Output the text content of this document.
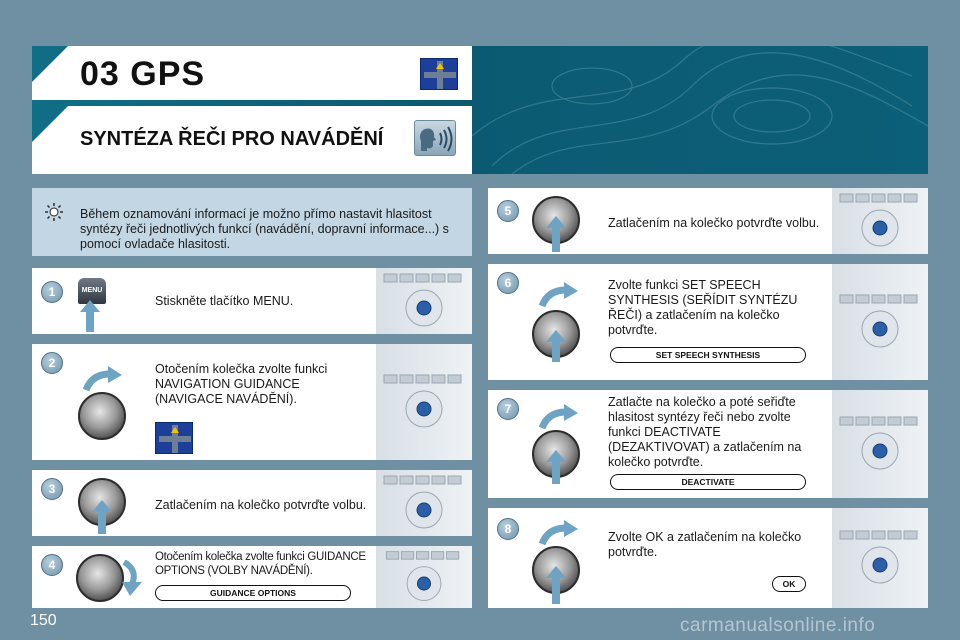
03 GPS
SYNTÉZA ŘEČI PRO NAVÁDĚNÍ
Během oznamování informací je možno přímo nastavit hlasitost syntézy řeči jednotlivých funkcí (navádění, dopravní informace...) s pomocí ovladače hlasitosti.
1	MENU
Stiskněte tlačítko MENU.
2	Otočením kolečka zvolte funkci NAVIGATION GUIDANCE (NAVIGACE NAVÁDĚNÍ).
3
Zatlačením na kolečko potvrďte volbu.
4
Otočením kolečka zvolte funkci GUIDANCE OPTIONS (VOLBY NAVÁDĚNÍ).
GUIDANCE OPTIONS
5
Zatlačením na kolečko potvrďte volbu.
6	Zvolte funkci SET SPEECH SYNTHESIS (SEŘÍDIT SYNTÉZU ŘEČI) a zatlačením na kolečko potvrďte.
SET SPEECH SYNTHESIS
7	Zatlačte na kolečko a poté seřiďte hlasitost syntézy řeči nebo zvolte funkci DEACTIVATE (DEZAKTIVOVAT) a zatlačením na kolečko potvrďte.
DEACTIVATE
8
Zvolte OK a zatlačením na kolečko potvrďte.
OK
150	carmanualsonline.info
